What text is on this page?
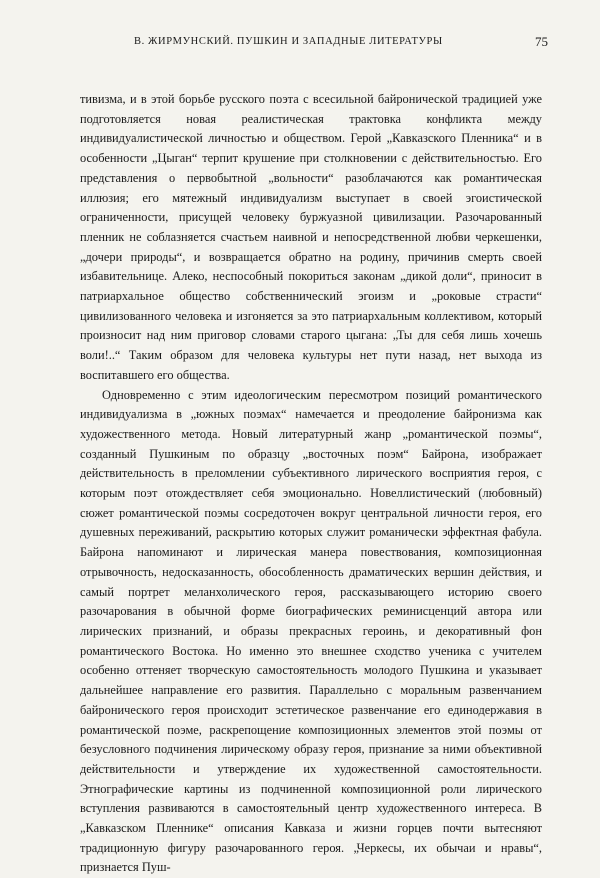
В. ЖИРМУНСКИЙ. ПУШКИН И ЗАПАДНЫЕ ЛИТЕРАТУРЫ	75

тивизма, и в этой борьбе русского поэта с всесильной байронической традицией уже подготовляется новая реалистическая трактовка конфликта между индивидуалистической личностью и обществом. Герой „Кавказского Пленника“ и в особенности „Цыган“ терпит крушение при столкновении с действительностью. Его представления о первобытной „вольности“ разоблачаются как романтическая иллюзия; его мятежный индивидуализм выступает в своей эгоистической ограниченности, присущей человеку буржуазной цивилизации. Разочарованный пленник не соблазняется счастьем наивной и непосредственной любви черкешенки, „дочери природы“, и возвращается обратно на родину, причинив смерть своей избавительнице. Алеко, неспособный покориться законам „дикой доли“, приносит в патриархальное общество собственнический эгоизм и „роковые страсти“ цивилизованного человека и изгоняется за это патриархальным коллективом, который произносит над ним приговор словами старого цыгана: „Ты для себя лишь хочешь воли!..“ Таким образом для человека культуры нет пути назад, нет выхода из воспитавшего его общества.

Одновременно с этим идеологическим пересмотром позиций романтического индивидуализма в „южных поэмах“ намечается и преодоление байронизма как художественного метода. Новый литературный жанр „романтической поэмы“, созданный Пушкиным по образцу „восточных поэм“ Байрона, изображает действительность в преломлении субъективного лирического восприятия героя, с которым поэт отождествляет себя эмоционально. Новеллистический (любовный) сюжет романтической поэмы сосредоточен вокруг центральной личности героя, его душевных переживаний, раскрытию которых служит романически эффектная фабула. Байрона напоминают и лирическая манера повествования, композиционная отрывочность, недосказанность, обособленность драматических вершин действия, и самый портрет меланхолического героя, рассказывающего историю своего разочарования в обычной форме биографических реминисценций автора или лирических признаний, и образы прекрасных героинь, и декоративный фон романтического Востока. Но именно это внешнее сходство ученика с учителем особенно оттеняет творческую самостоятельность молодого Пушкина и указывает дальнейшее направление его развития. Параллельно с моральным развенчанием байронического героя происходит эстетическое развенчание его единодержавия в романтической поэме, раскрепощение композиционных элементов этой поэмы от безусловного подчинения лирическому образу героя, признание за ними объективной действительности и утверждение их художественной самостоятельности. Этнографические картины из подчиненной композиционной роли лирического вступления развиваются в самостоятельный центр художественного интереса. В „Кавказском Пленнике“ описания Кавказа и жизни горцев почти вытесняют традиционную фигуру разочарованного героя. „Черкесы, их обычаи и нравы“, признается Пуш-
